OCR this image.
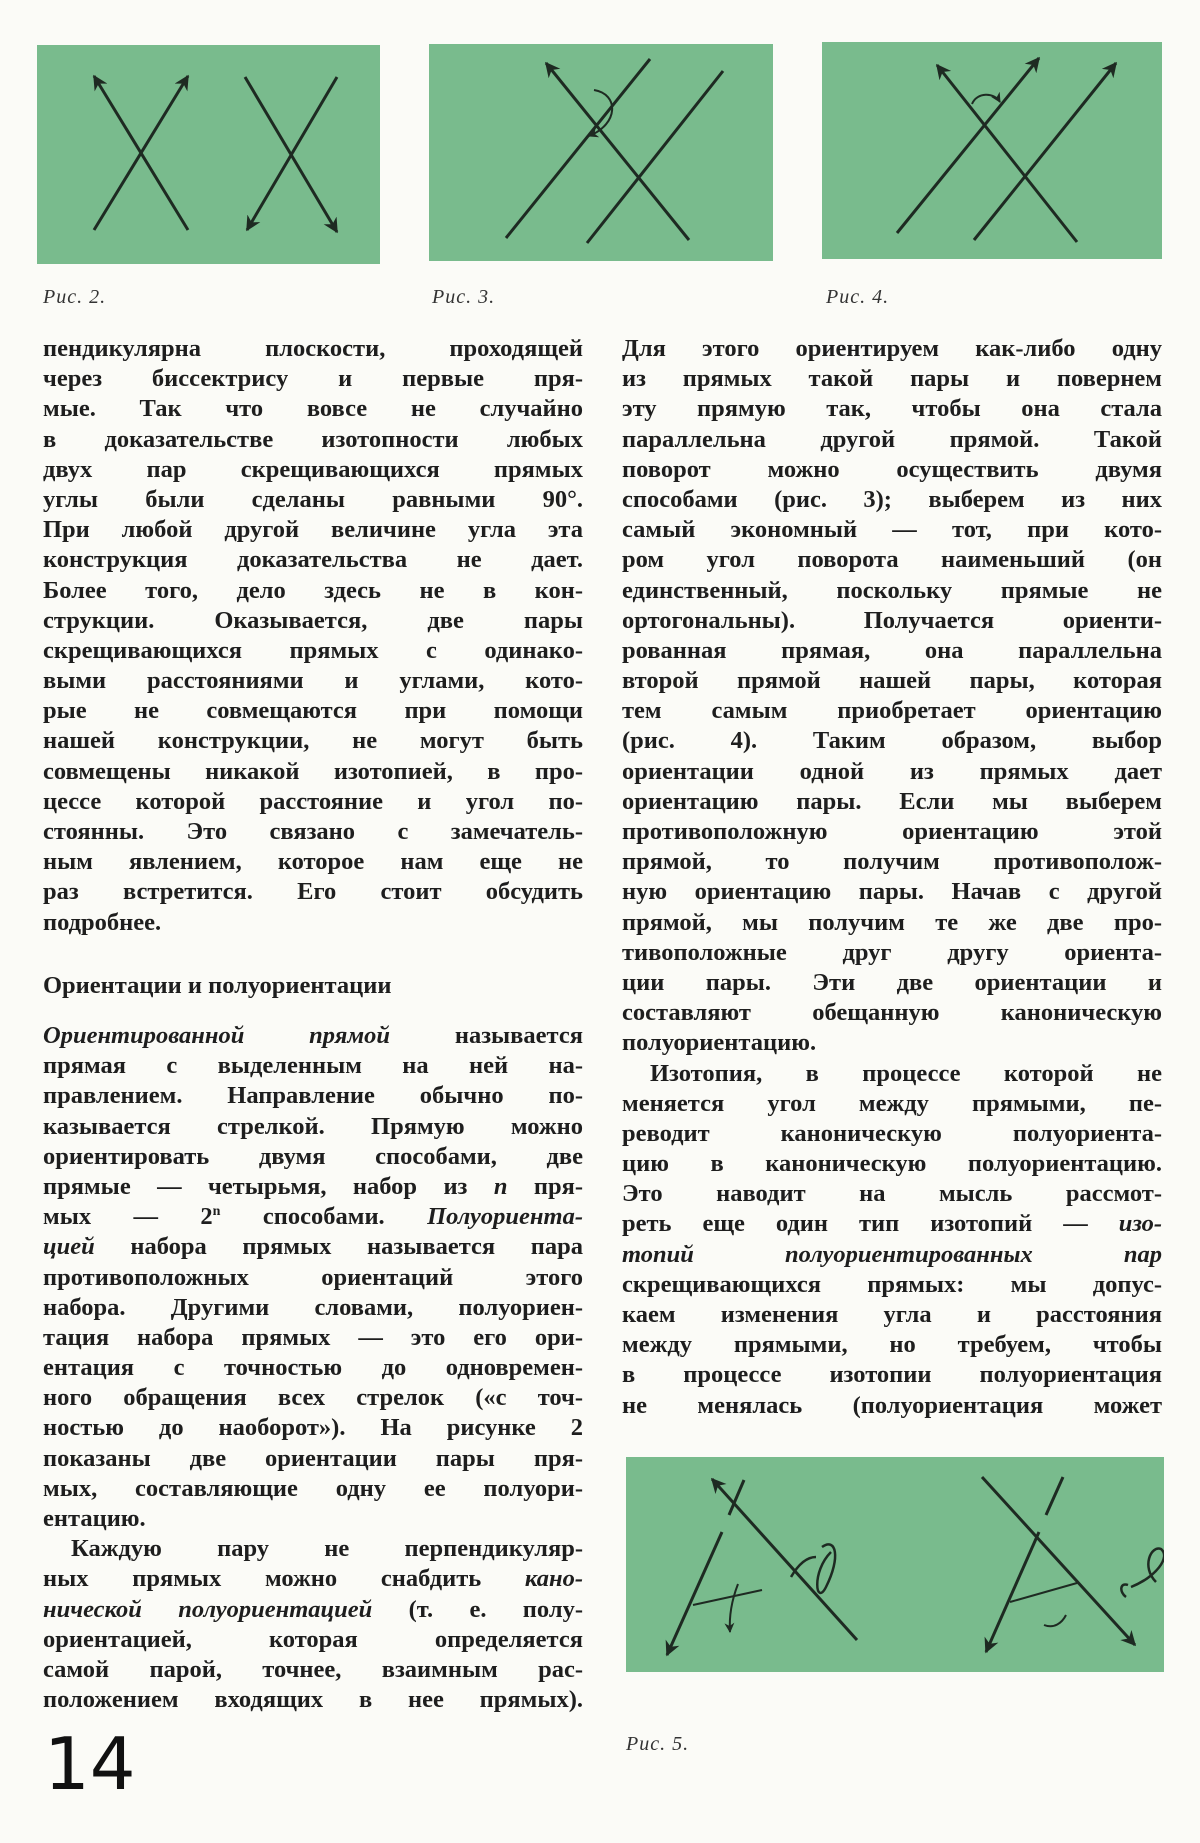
Рис. 2.	Рис. 3.	Рис. 4.
пендикулярна плоскости, проходящей
через биссектрису и первые пря-
мые. Так что вовсе не случайно
в доказательстве изотопности любых
двух пар скрещивающихся прямых
углы были сделаны равными 90°.
При любой другой величине угла эта
конструкция доказательства не дает.
Более того, дело здесь не в кон-
струкции. Оказывается, две пары
скрещивающихся прямых с одинако-
выми расстояниями и углами, кото-
рые не совмещаются при помощи
нашей конструкции, не могут быть
совмещены никакой изотопией, в про-
цессе которой расстояние и угол по-
стоянны. Это связано с замечатель-
ным явлением, которое нам еще не
раз встретится. Его стоит обсудить
подробнее.
Ориентации и полуориентации
Ориентированной прямой называется
прямая с выделенным на ней на-
правлением. Направление обычно по-
казывается стрелкой. Прямую можно
ориентировать двумя способами, две
прямые — четырьмя, набор из n пря-
мых — 2$^n$ способами. Полуориента-
цией набора прямых называется пара
противоположных ориентаций этого
набора. Другими словами, полуориен-
тация набора прямых — это его ори-
ентация с точностью до одновремен-
ного обращения всех стрелок («с точ-
ностью до наоборот»). На рисунке 2
показаны две ориентации пары пря-
мых, составляющие одну ее полуори-
ентацию.
Каждую пару не перпендикуляр-
ных прямых можно снабдить кано-
нической полуориентацией (т. е. полу-
ориентацией, которая определяется
самой парой, точнее, взаимным рас-
положением входящих в нее прямых).
Для этого ориентируем как-либо одну
из прямых такой пары и повернем
эту прямую так, чтобы она стала
параллельна другой прямой. Такой
поворот можно осуществить двумя
способами (рис. 3); выберем из них
самый экономный — тот, при кото-
ром угол поворота наименьший (он
единственный, поскольку прямые не
ортогональны). Получается ориенти-
рованная прямая, она параллельна
второй прямой нашей пары, которая
тем самым приобретает ориентацию
(рис. 4). Таким образом, выбор
ориентации одной из прямых дает
ориентацию пары. Если мы выберем
противоположную ориентацию этой
прямой, то получим противополож-
ную ориентацию пары. Начав с другой
прямой, мы получим те же две про-
тивоположные друг другу ориента-
ции пары. Эти две ориентации и
составляют обещанную каноническую
полуориентацию.
Изотопия, в процессе которой не
меняется угол между прямыми, пе-
реводит каноническую полуориента-
цию в каноническую полуориентацию.
Это наводит на мысль рассмот-
реть еще один тип изотопий — изо-
топий полуориентированных пар
скрещивающихся прямых: мы допус-
каем изменения угла и расстояния
между прямыми, но требуем, чтобы
в процессе изотопии полуориентация
не менялась (полуориентация может
Рис. 5.
14
